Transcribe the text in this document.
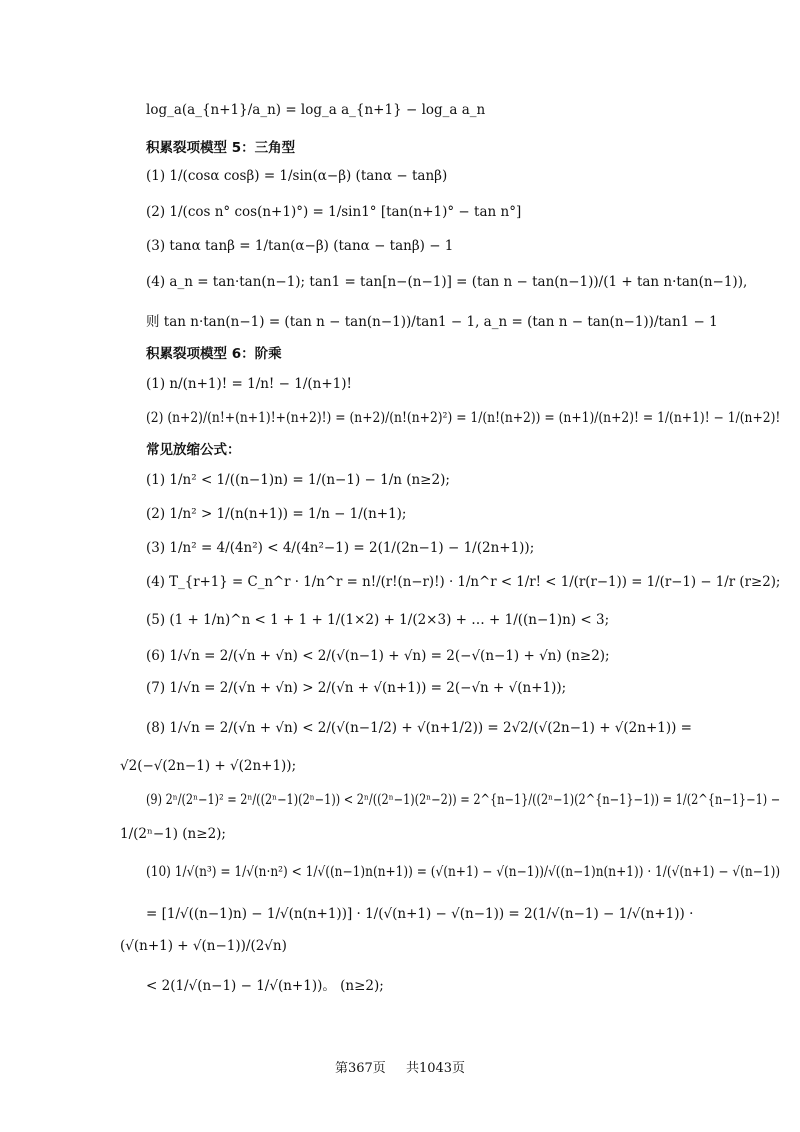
log_a(a_{n+1}/a_n) = log_a a_{n+1} − log_a a_n
积累裂项模型 5：三角型
(1) 1/(cosα cosβ) = 1/sin(α−β) (tanα − tanβ)
(2) 1/(cos n° cos(n+1)°) = 1/sin1° [tan(n+1)° − tan n°]
(3) tanα tanβ = 1/tan(α−β) (tanα − tanβ) − 1
(4) a_n = tan·tan(n−1); tan1 = tan[n−(n−1)] = (tan n − tan(n−1))/(1 + tan n·tan(n−1)),
则 tan n·tan(n−1) = (tan n − tan(n−1))/tan1 − 1, a_n = (tan n − tan(n−1))/tan1 − 1
积累裂项模型 6：阶乘
(1) n/(n+1)! = 1/n! − 1/(n+1)!
(2) (n+2)/(n!+(n+1)!+(n+2)!) = (n+2)/(n!(n+2)²) = 1/(n!(n+2)) = (n+1)/(n+2)! = 1/(n+1)! − 1/(n+2)!
常见放缩公式：
(1) 1/n² < 1/((n−1)n) = 1/(n−1) − 1/n (n≥2);
(2) 1/n² > 1/(n(n+1)) = 1/n − 1/(n+1);
(3) 1/n² = 4/(4n²) < 4/(4n²−1) = 2(1/(2n−1) − 1/(2n+1));
(4) T_{r+1} = C_n^r · 1/n^r = n!/(r!(n−r)!) · 1/n^r < 1/r! < 1/(r(r−1)) = 1/(r−1) − 1/r (r≥2);
(5) (1 + 1/n)^n < 1 + 1 + 1/(1×2) + 1/(2×3) + … + 1/((n−1)n) < 3;
(6) 1/√n = 2/(√n + √n) < 2/(√(n−1) + √n) = 2(−√(n−1) + √n) (n≥2);
(7) 1/√n = 2/(√n + √n) > 2/(√n + √(n+1)) = 2(−√n + √(n+1));
(8) 1/√n = 2/(√n + √n) < 2/(√(n−1/2) + √(n+1/2)) = 2√2/(√(2n−1) + √(2n+1)) =
√2(−√(2n−1) + √(2n+1));
(9) 2ⁿ/(2ⁿ−1)² = 2ⁿ/((2ⁿ−1)(2ⁿ−1)) < 2ⁿ/((2ⁿ−1)(2ⁿ−2)) = 2^{n−1}/((2ⁿ−1)(2^{n−1}−1)) = 1/(2^{n−1}−1) −
1/(2ⁿ−1) (n≥2);
(10) 1/√(n³) = 1/√(n·n²) < 1/√((n−1)n(n+1)) = (√(n+1) − √(n−1))/√((n−1)n(n+1)) · 1/(√(n+1) − √(n−1))
= [1/√((n−1)n) − 1/√(n(n+1))] · 1/(√(n+1) − √(n−1)) = 2(1/√(n−1) − 1/√(n+1)) ·
(√(n+1) + √(n−1))/(2√n)
< 2(1/√(n−1) − 1/√(n+1))。 (n≥2);
第367页 共1043页
